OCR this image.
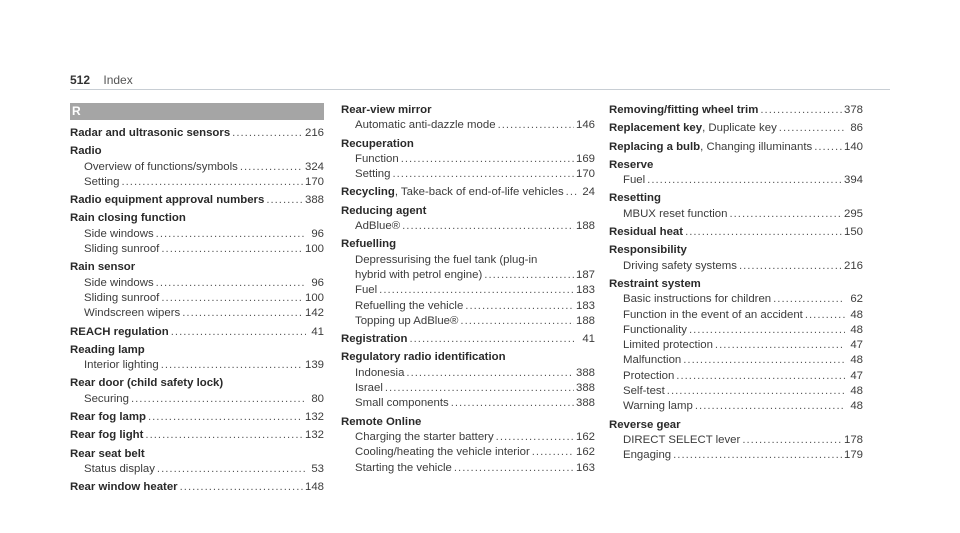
512 Index
R
Radar and ultrasonic sensors .....	216
Radio
Overview of functions/symbols .....	324
Setting .....	170
Radio equipment approval numbers .....	388
Rain closing function
Side windows .....	96
Sliding sunroof .....	100
Rain sensor
Side windows .....	96
Sliding sunroof .....	100
Windscreen wipers .....	142
REACH regulation .....	41
Reading lamp
Interior lighting .....	139
Rear door (child safety lock)
Securing .....	80
Rear fog lamp .....	132
Rear fog light .....	132
Rear seat belt
Status display .....	53
Rear window heater .....	148
Rear-view mirror
Automatic anti-dazzle mode .....	146
Recuperation
Function .....	169
Setting .....	170
Recycling , Take-back of end-of-life vehicles ..... 24
Reducing agent
AdBlue® .....	188
Refuelling
Depressurising the fuel tank (plug-in
hybrid with petrol engine) .....	187
Fuel .....	183
Refuelling the vehicle .....	183
Topping up AdBlue® .....	188
Registration .....	41
Regulatory radio identification
Indonesia .....	388
Israel .....	388
Small components .....	388
Remote Online
Charging the starter battery .....	162
Cooling/heating the vehicle interior .....	162
Starting the vehicle .....	163
Removing/fitting wheel trim .....	378
Replacement key , Duplicate key .....	86
Replacing a bulb , Changing illuminants .....	140
Reserve
Fuel .....	394
Resetting
MBUX reset function .....	295
Residual heat .....	150
Responsibility
Driving safety systems .....	216
Restraint system
Basic instructions for children .....	62
Function in the event of an accident .....	48
Functionality .....	48
Limited protection .....	47
Malfunction .....	48
Protection .....	47
Self-test .....	48
Warning lamp .....	48
Reverse gear
DIRECT SELECT lever .....	178
Engaging .....	179
